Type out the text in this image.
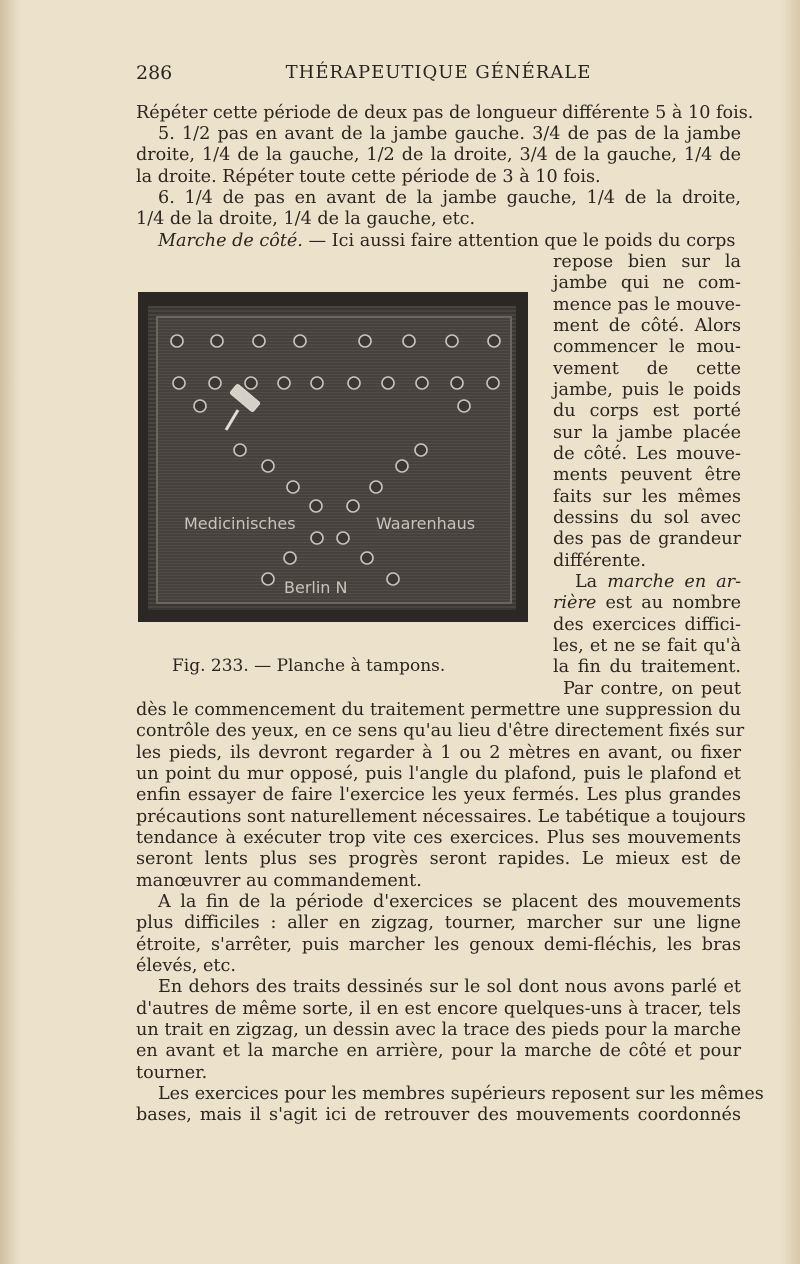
286	THÉRAPEUTIQUE GÉNÉRALE
Répéter cette période de deux pas de longueur différente 5 à 10 fois.
5. 1/2 pas en avant de la jambe gauche. 3/4 de pas de la jambe
droite, 1/4 de la gauche, 1/2 de la droite, 3/4 de la gauche, 1/4 de
la droite. Répéter toute cette période de 3 à 10 fois.
6. 1/4 de pas en avant de la jambe gauche, 1/4 de la droite,
1/4 de la droite, 1/4 de la gauche, etc.
Marche de côté. — Ici aussi faire attention que le poids du corps
repose bien sur la
jambe qui ne com-
mence pas le mouve-
ment de côté. Alors
commencer le mou-
vement de cette
jambe, puis le poids
du corps est porté
sur la jambe placée
de côté. Les mouve-
ments peuvent être
faits sur les mêmes
dessins du sol avec
des pas de grandeur
différente.
La marche en ar-
rière est au nombre
des exercices diffici-
les, et ne se fait qu'à
la fin du traitement.
Par contre, on peut
dès le commencement du traitement permettre une suppression du
contrôle des yeux, en ce sens qu'au lieu d'être directement fixés sur
les pieds, ils devront regarder à 1 ou 2 mètres en avant, ou fixer
un point du mur opposé, puis l'angle du plafond, puis le plafond et
enfin essayer de faire l'exercice les yeux fermés. Les plus grandes
précautions sont naturellement nécessaires. Le tabétique a toujours
tendance à exécuter trop vite ces exercices. Plus ses mouvements
seront lents plus ses progrès seront rapides. Le mieux est de
manœuvrer au commandement.
A la fin de la période d'exercices se placent des mouvements
plus difficiles : aller en zigzag, tourner, marcher sur une ligne
étroite, s'arrêter, puis marcher les genoux demi-fléchis, les bras
élevés, etc.
En dehors des traits dessinés sur le sol dont nous avons parlé et
d'autres de même sorte, il en est encore quelques-uns à tracer, tels
un trait en zigzag, un dessin avec la trace des pieds pour la marche
en avant et la marche en arrière, pour la marche de côté et pour
tourner.
Les exercices pour les membres supérieurs reposent sur les mêmes
bases, mais il s'agit ici de retrouver des mouvements coordonnés
Medicinisches	Waarenhaus
Berlin N
Fig. 233. — Planche à tampons.
